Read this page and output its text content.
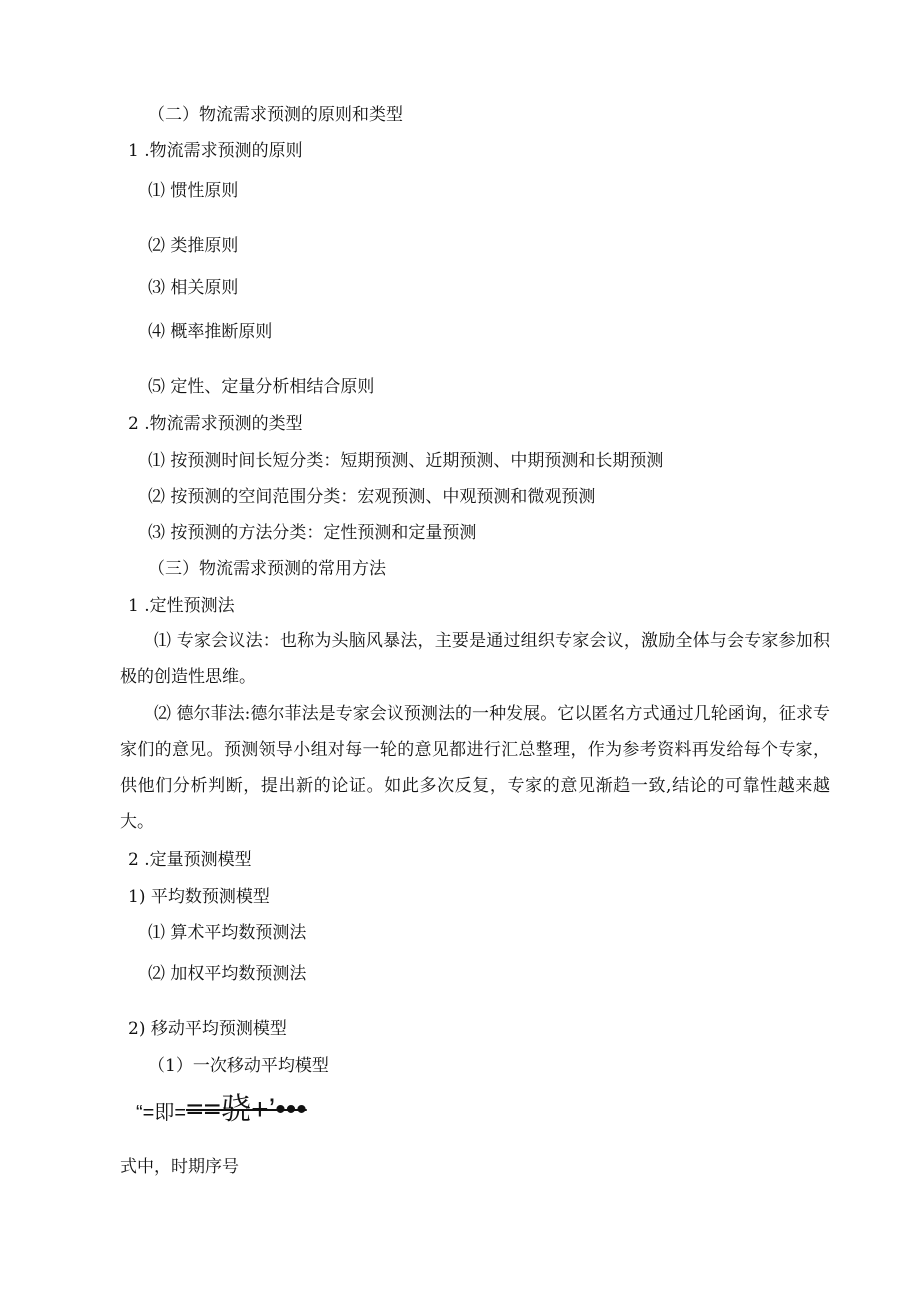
（二）物流需求预测的原则和类型
1 .物流需求预测的原则
⑴ 惯性原则
⑵ 类推原则
⑶ 相关原则
⑷ 概率推断原则
⑸ 定性、定量分析相结合原则
2 .物流需求预测的类型
⑴ 按预测时间长短分类：短期预测、近期预测、中期预测和长期预测
⑵ 按预测的空间范围分类：宏观预测、中观预测和微观预测
⑶ 按预测的方法分类：定性预测和定量预测
（三）物流需求预测的常用方法
1 .定性预测法
⑴ 专家会议法：也称为头脑风暴法，主要是通过组织专家会议，激励全体与会专家参加积极的创造性思维。
⑵ 德尔菲法:德尔菲法是专家会议预测法的一种发展。它以匿名方式通过几轮函询，征求专家们的意见。预测领导小组对每一轮的意见都进行汇总整理，作为参考资料再发给每个专家，供他们分析判断，提出新的论证。如此多次反复，专家的意见渐趋一致,结论的可靠性越来越大。
2 .定量预测模型
1) 平均数预测模型
⑴ 算术平均数预测法
⑵ 加权平均数预测法
2) 移动平均预测模型
（1）一次移动平均模型
“=即===骁+’•••
式中，时期序号
